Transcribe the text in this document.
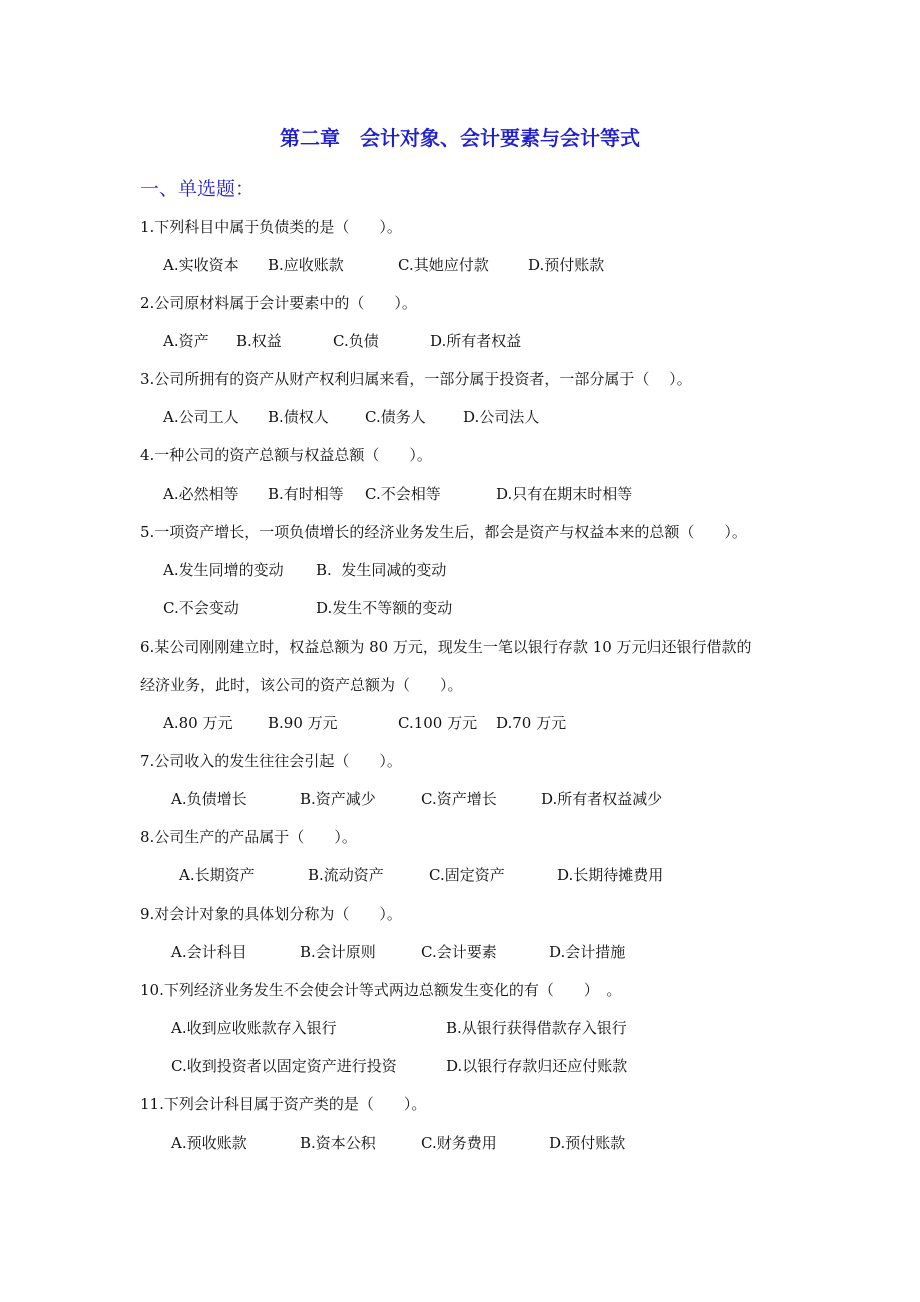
第二章　会计对象、会计要素与会计等式
一、单选题：
1.下列科目中属于负债类的是（　　）。
A.实收资本 B.应收账款	C.其她应付款	D.预付账款
2.公司原材料属于会计要素中的（　　）。
A.资产 B.权益	C.负债	D.所有者权益
3.公司所拥有的资产从财产权利归属来看，一部分属于投资者，一部分属于（　 ）。
A.公司工人 B.债权人 C.债务人 D.公司法人
4.一种公司的资产总额与权益总额（　　）。
A.必然相等 B.有时相等 C.不会相等	D.只有在期末时相等
5.一项资产增长，一项负债增长的经济业务发生后，都会是资产与权益本来的总额（　　）。
A.发生同增的变动 B.  发生同减的变动
C.不会变动	D.发生不等额的变动
6.某公司刚刚建立时，权益总额为 80 万元，现发生一笔以银行存款 10 万元归还银行借款的
经济业务，此时，该公司的资产总额为（　　）。
A.80 万元 B.90 万元	C.100 万元 D.70 万元
7.公司收入的发生往往会引起（　　）。
A.负债增长	B.资产减少	C.资产增长	D.所有者权益减少
8.公司生产的产品属于（　　）。
A.长期资产	B.流动资产	C.固定资产	D.长期待摊费用
9.对会计对象的具体划分称为（　　）。
A.会计科目	B.会计原则	C.会计要素	D.会计措施
10.下列经济业务发生不会使会计等式两边总额发生变化的有（　　）　。
A.收到应收账款存入银行	B.从银行获得借款存入银行
C.收到投资者以固定资产进行投资	D.以银行存款归还应付账款
11.下列会计科目属于资产类的是（　　）。
A.预收账款	B.资本公积	C.财务费用	D.预付账款
